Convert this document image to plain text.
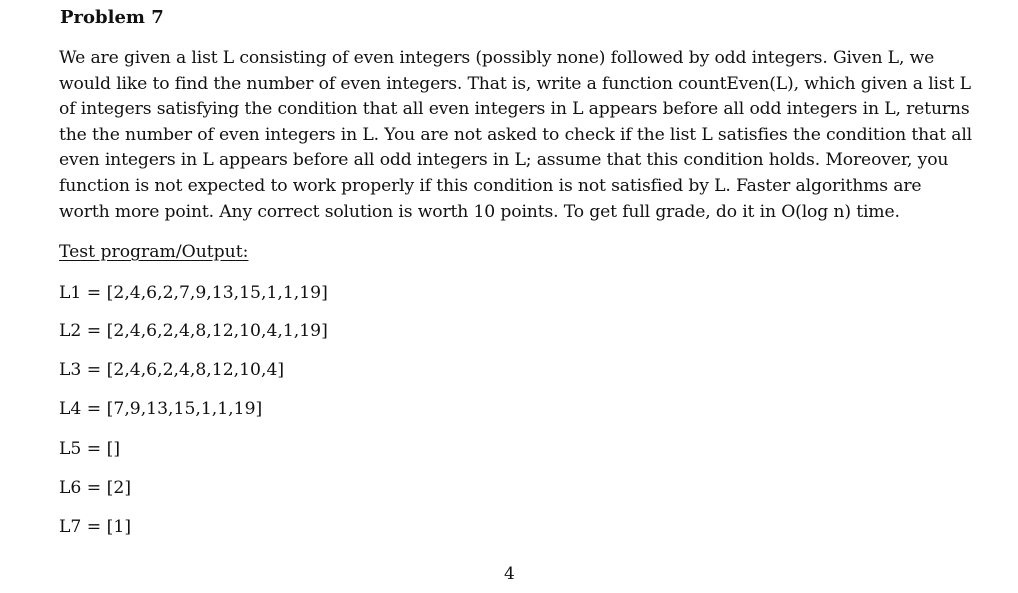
Problem 7
We are given a list L consisting of even integers (possibly none) followed by odd integers. Given L, we
would like to find the number of even integers. That is, write a function countEven(L), which given a list L
of integers satisfying the condition that all even integers in L appears before all odd integers in L, returns
the the number of even integers in L. You are not asked to check if the list L satisfies the condition that all
even integers in L appears before all odd integers in L; assume that this condition holds. Moreover, you
function is not expected to work properly if this condition is not satisfied by L. Faster algorithms are
worth more point. Any correct solution is worth 10 points. To get full grade, do it in O(log n) time.
Test program/Output:
L1 = [2,4,6,2,7,9,13,15,1,1,19]
L2 = [2,4,6,2,4,8,12,10,4,1,19]
L3 = [2,4,6,2,4,8,12,10,4]
L4 = [7,9,13,15,1,1,19]
L5 = []
L6 = [2]
L7 = [1]
4
